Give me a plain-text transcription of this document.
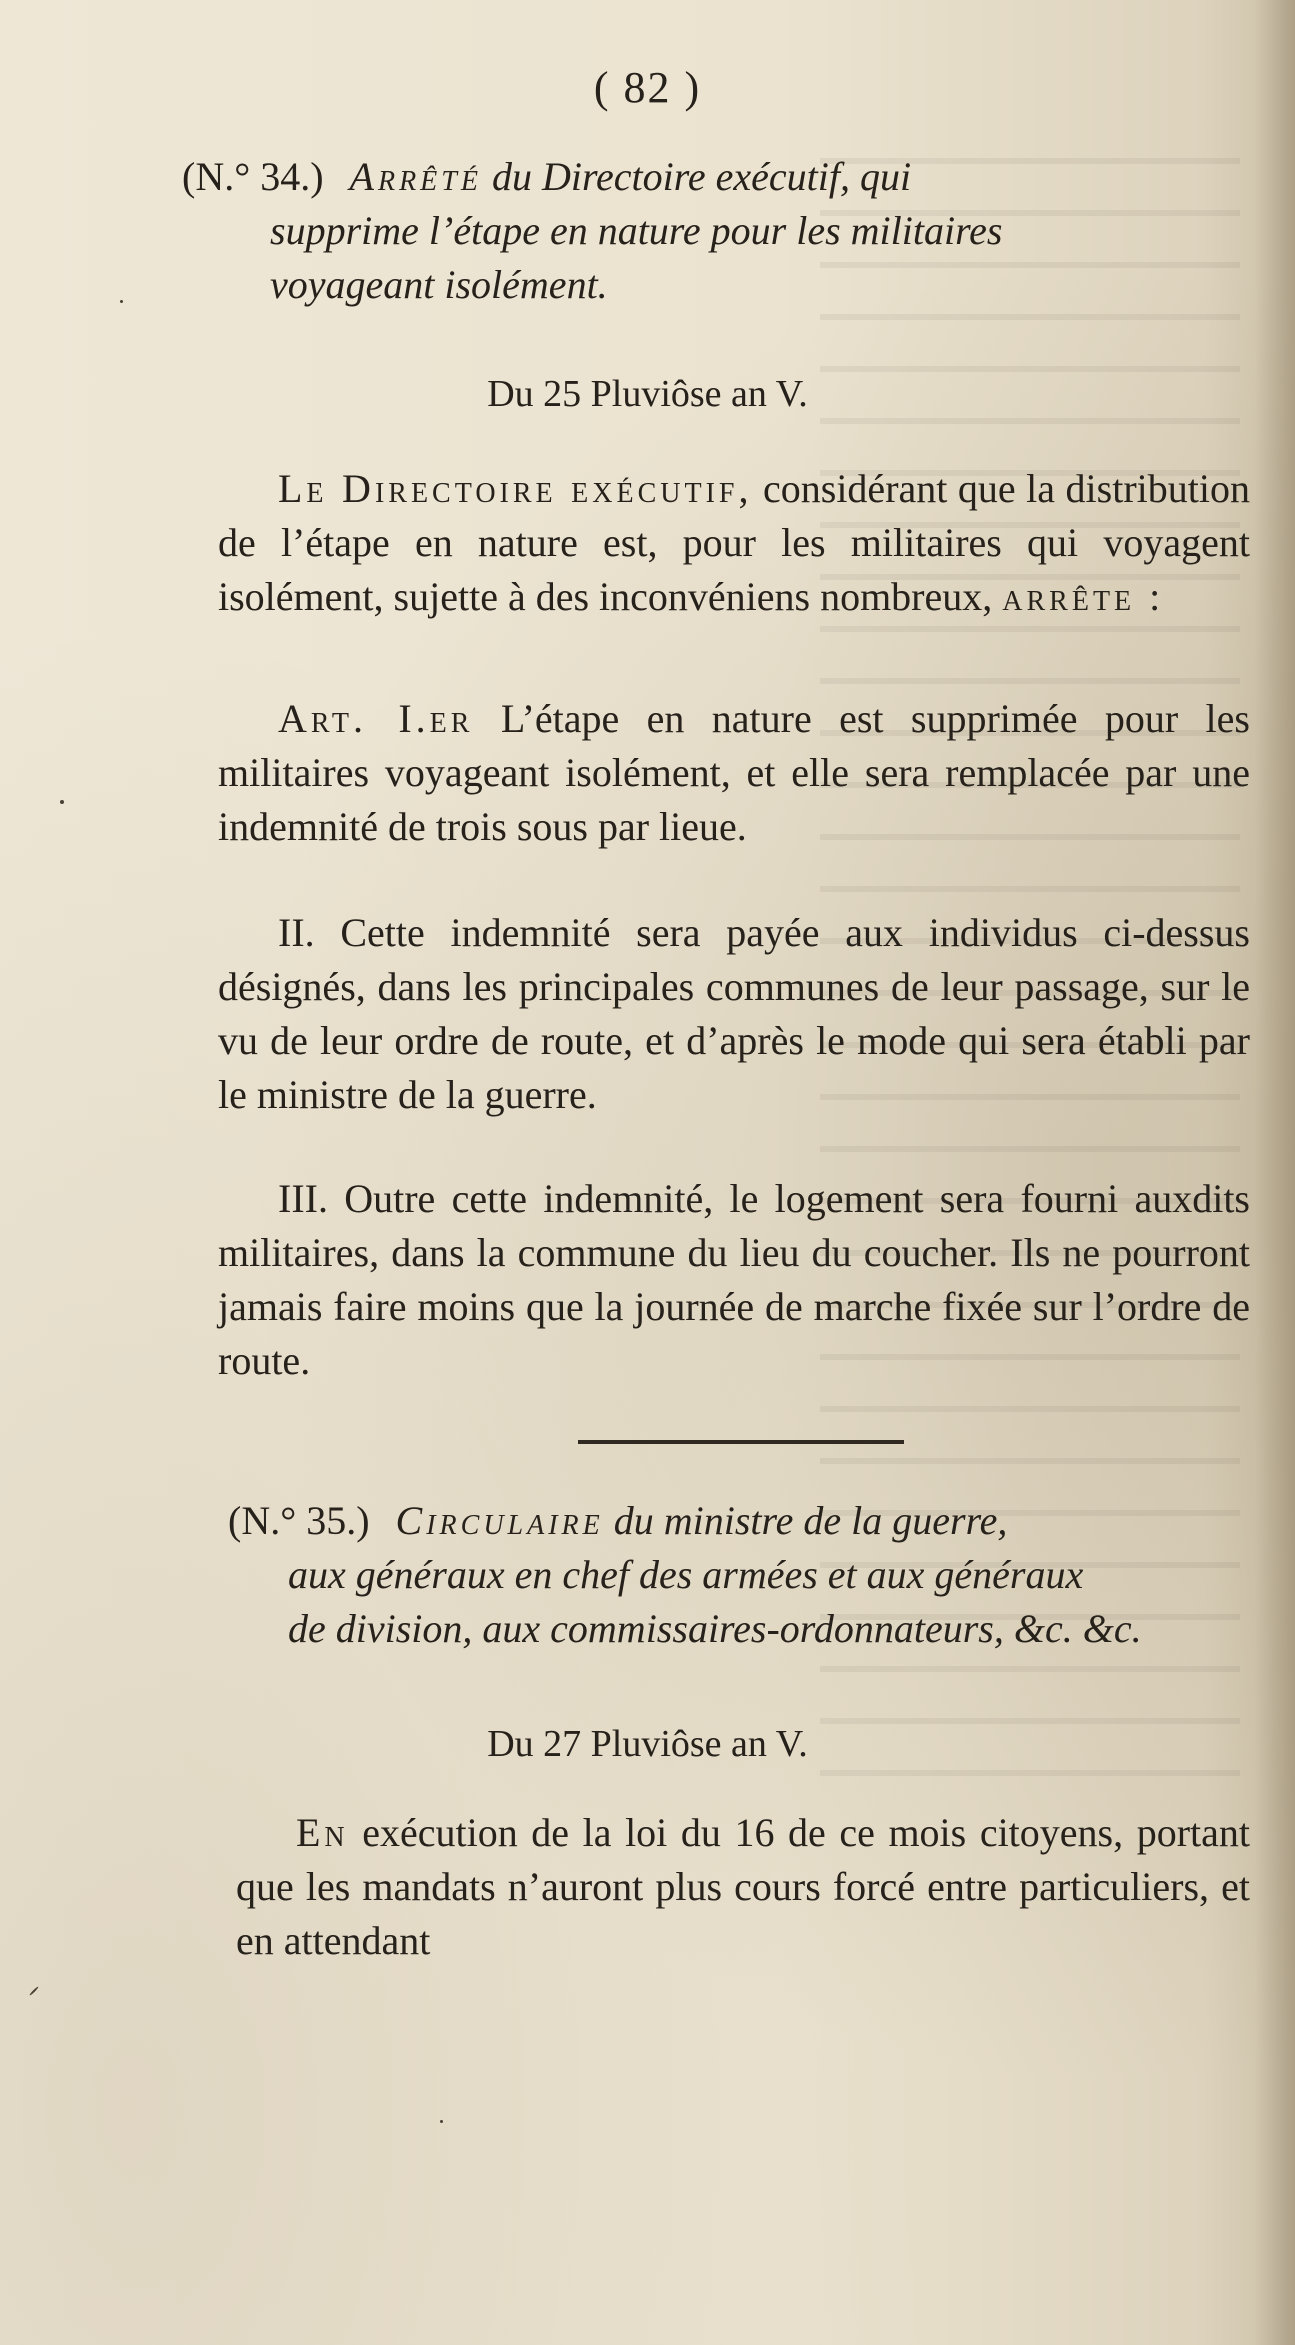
( 82 )
(N.° 34.) Arrêté du Directoire exécutif, qui
supprime l’étape en nature pour les militaires
voyageant isolément.
Du 25 Pluviôse an V.
Le Directoire exécutif, considérant que la distribution de l’étape en nature est, pour les militaires qui voyagent isolément, sujette à des inconvéniens nombreux, arrête :
Art. I.er L’étape en nature est supprimée pour les militaires voyageant isolément, et elle sera remplacée par une indemnité de trois sous par lieue.
II. Cette indemnité sera payée aux individus ci-dessus désignés, dans les principales communes de leur passage, sur le vu de leur ordre de route, et d’après le mode qui sera établi par le ministre de la guerre.
III. Outre cette indemnité, le logement sera fourni auxdits militaires, dans la commune du lieu du coucher. Ils ne pourront jamais faire moins que la journée de marche fixée sur l’ordre de route.
(N.° 35.) Circulaire du ministre de la guerre,
aux généraux en chef des armées et aux généraux
de division, aux commissaires-ordonnateurs, &c. &c.
Du 27 Pluviôse an V.
En exécution de la loi du 16 de ce mois citoyens, portant que les mandats n’auront plus cours forcé entre particuliers, et en attendant
